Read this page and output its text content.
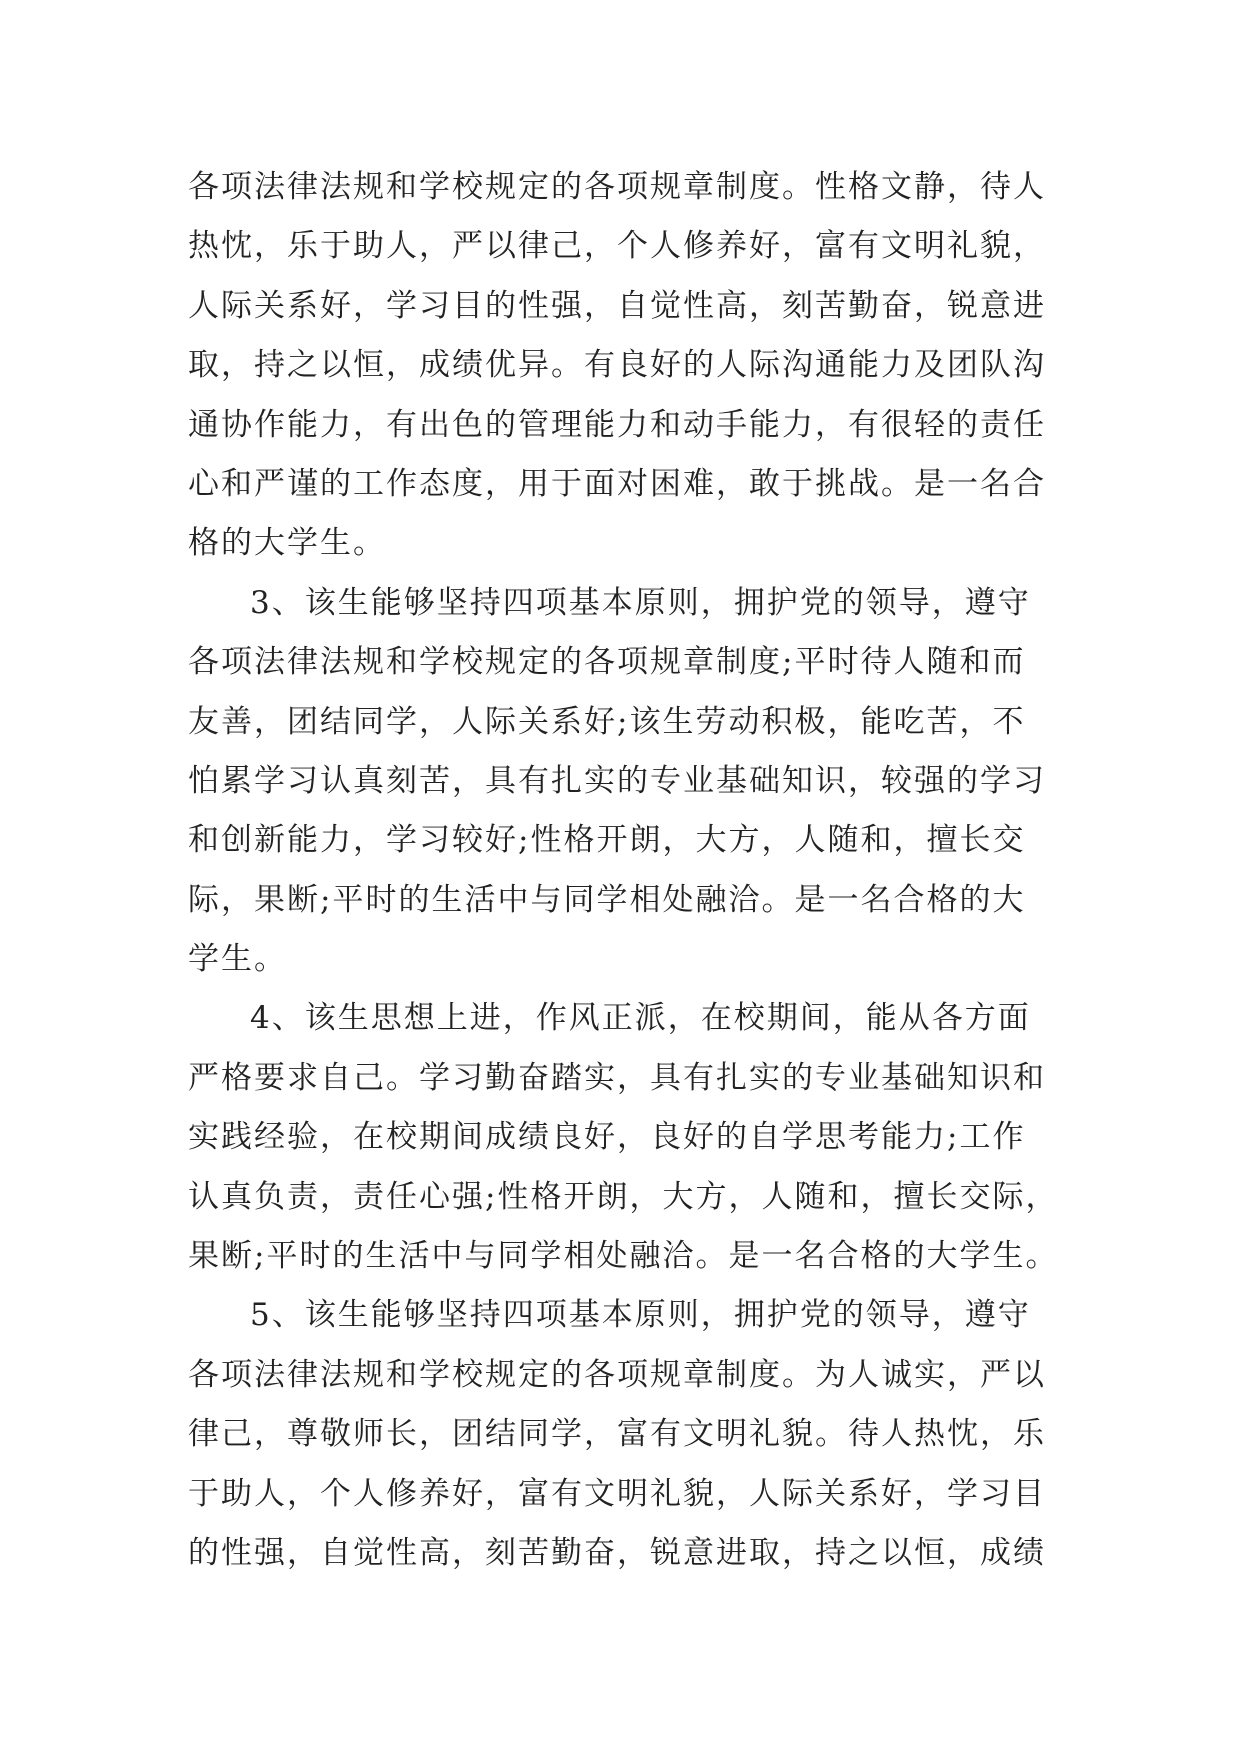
各项法律法规和学校规定的各项规章制度。性格文静，待人
热忱，乐于助人，严以律己，个人修养好，富有文明礼貌，
人际关系好，学习目的性强，自觉性高，刻苦勤奋，锐意进
取，持之以恒，成绩优异。有良好的人际沟通能力及团队沟
通协作能力，有出色的管理能力和动手能力，有很轻的责任
心和严谨的工作态度，用于面对困难，敢于挑战。是一名合
格的大学生。
3、该生能够坚持四项基本原则，拥护党的领导，遵守
各项法律法规和学校规定的各项规章制度;平时待人随和而
友善，团结同学，人际关系好;该生劳动积极，能吃苦，不
怕累学习认真刻苦，具有扎实的专业基础知识，较强的学习
和创新能力，学习较好;性格开朗，大方，人随和，擅长交
际，果断;平时的生活中与同学相处融洽。是一名合格的大
学生。
4、该生思想上进，作风正派，在校期间，能从各方面
严格要求自己。学习勤奋踏实，具有扎实的专业基础知识和
实践经验，在校期间成绩良好，良好的自学思考能力;工作
认真负责，责任心强;性格开朗，大方，人随和，擅长交际，
果断;平时的生活中与同学相处融洽。是一名合格的大学生。
5、该生能够坚持四项基本原则，拥护党的领导，遵守
各项法律法规和学校规定的各项规章制度。为人诚实，严以
律己，尊敬师长，团结同学，富有文明礼貌。待人热忱，乐
于助人，个人修养好，富有文明礼貌，人际关系好，学习目
的性强，自觉性高，刻苦勤奋，锐意进取，持之以恒，成绩
